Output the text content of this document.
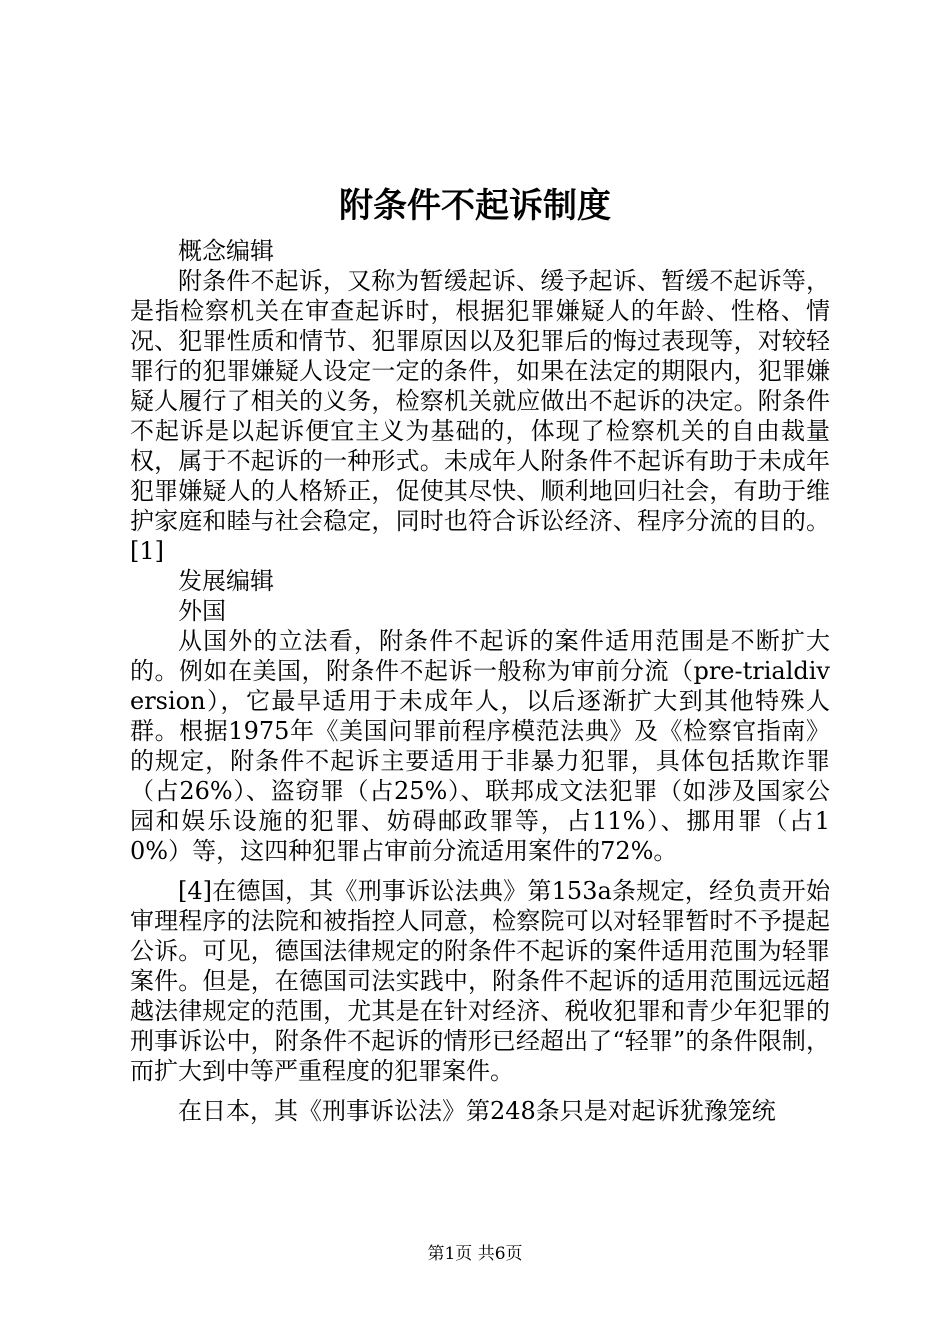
附条件不起诉制度

概念编辑

附条件不起诉，又称为暂缓起诉、缓予起诉、暂缓不起诉等，是指检察机关在审查起诉时，根据犯罪嫌疑人的年龄、性格、情况、犯罪性质和情节、犯罪原因以及犯罪后的悔过表现等，对较轻罪行的犯罪嫌疑人设定一定的条件，如果在法定的期限内，犯罪嫌疑人履行了相关的义务，检察机关就应做出不起诉的决定。附条件不起诉是以起诉便宜主义为基础的，体现了检察机关的自由裁量权，属于不起诉的一种形式。未成年人附条件不起诉有助于未成年犯罪嫌疑人的人格矫正，促使其尽快、顺利地回归社会，有助于维护家庭和睦与社会稳定，同时也符合诉讼经济、程序分流的目的。[1]

发展编辑

外国

从国外的立法看，附条件不起诉的案件适用范围是不断扩大的。例如在美国，附条件不起诉一般称为审前分流（pre-trialdiversion），它最早适用于未成年人，以后逐渐扩大到其他特殊人群。根据1975年《美国问罪前程序模范法典》及《检察官指南》的规定，附条件不起诉主要适用于非暴力犯罪，具体包括欺诈罪（占26%）、盗窃罪（占25%）、联邦成文法犯罪（如涉及国家公园和娱乐设施的犯罪、妨碍邮政罪等，占11%）、挪用罪（占10%）等，这四种犯罪占审前分流适用案件的72%。

[4]在德国，其《刑事诉讼法典》第153a条规定，经负责开始审理程序的法院和被指控人同意，检察院可以对轻罪暂时不予提起公诉。可见，德国法律规定的附条件不起诉的案件适用范围为轻罪案件。但是，在德国司法实践中，附条件不起诉的适用范围远远超越法律规定的范围，尤其是在针对经济、税收犯罪和青少年犯罪的刑事诉讼中，附条件不起诉的情形已经超出了“轻罪”的条件限制，而扩大到中等严重程度的犯罪案件。

在日本，其《刑事诉讼法》第248条只是对起诉犹豫笼统

第1页 共6页
